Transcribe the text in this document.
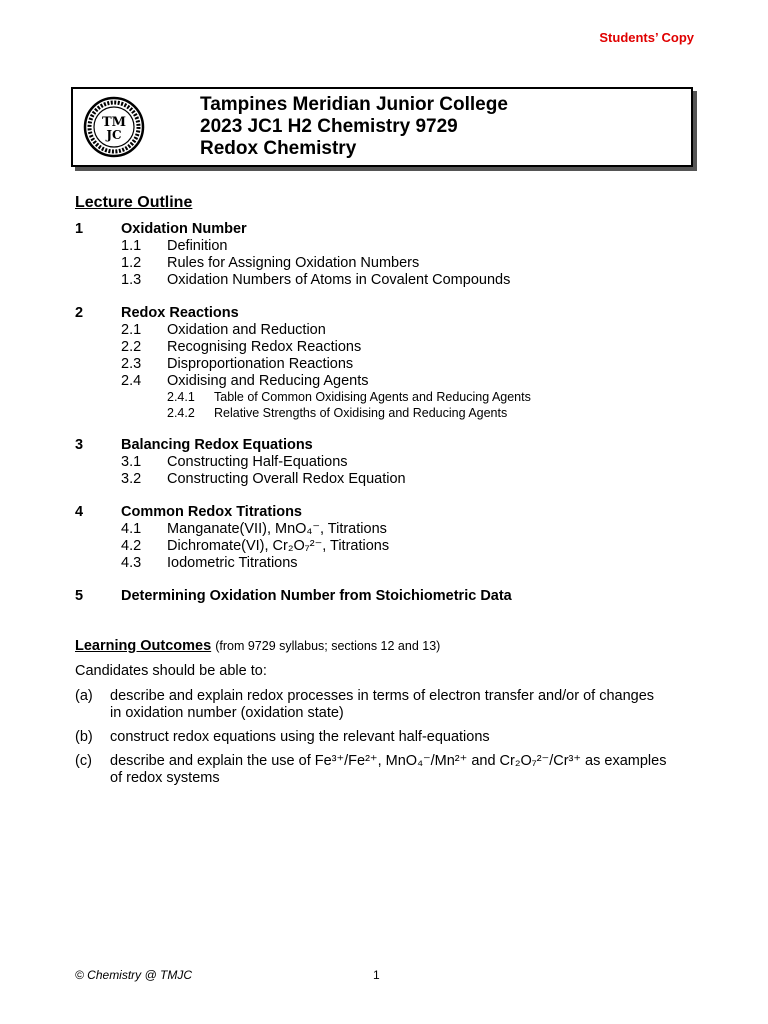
Students’ Copy
TM
JC
Tampines Meridian Junior College
2023 JC1 H2 Chemistry 9729
Redox Chemistry
Lecture Outline
1	Oxidation Number
1.1 Definition
1.2 Rules for Assigning Oxidation Numbers
1.3 Oxidation Numbers of Atoms in Covalent Compounds
2	Redox Reactions
2.1 Oxidation and Reduction
2.2 Recognising Redox Reactions
2.3 Disproportionation Reactions
2.4 Oxidising and Reducing Agents
2.4.1 Table of Common Oxidising Agents and Reducing Agents
2.4.2 Relative Strengths of Oxidising and Reducing Agents
3	Balancing Redox Equations
3.1 Constructing Half-Equations
3.2 Constructing Overall Redox Equation
4	Common Redox Titrations
4.1 Manganate(VII), MnO₄⁻, Titrations
4.2 Dichromate(VI), Cr₂O₇²⁻, Titrations
4.3 Iodometric Titrations
5	Determining Oxidation Number from Stoichiometric Data
Learning Outcomes (from 9729 syllabus; sections 12 and 13)
Candidates should be able to:
(a) describe and explain redox processes in terms of electron transfer and/or of changes
in oxidation number (oxidation state)
(b) construct redox equations using the relevant half-equations
(c) describe and explain the use of Fe³⁺/Fe²⁺, MnO₄⁻/Mn²⁺ and Cr₂O₇²⁻/Cr³⁺ as examples
of redox systems
© Chemistry @ TMJC	1
